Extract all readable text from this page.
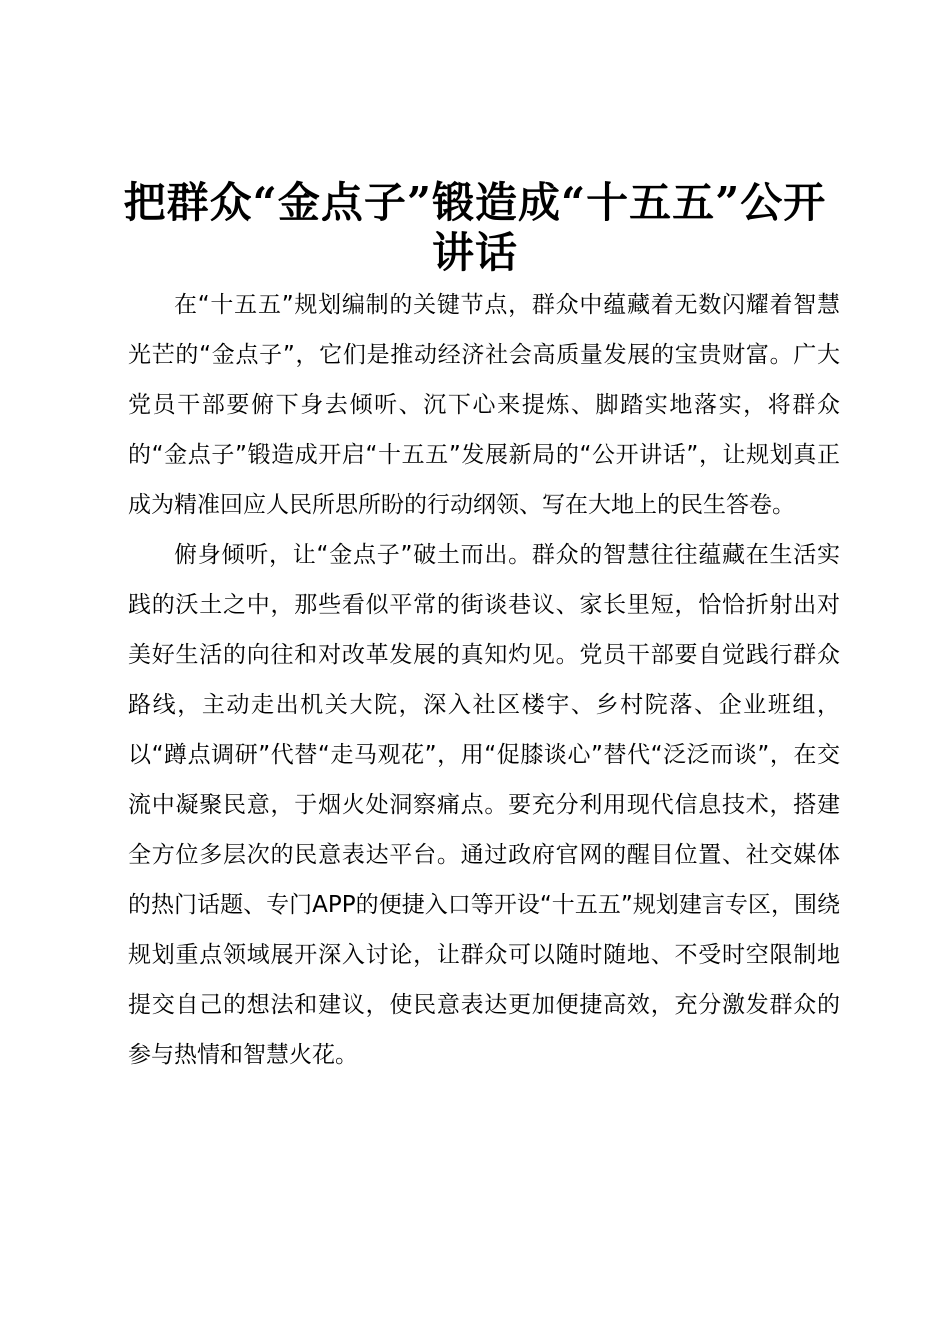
把群众“金点子”锻造成“十五五”公开讲话

在“十五五”规划编制的关键节点，群众中蕴藏着无数闪耀着智慧光芒的“金点子”，它们是推动经济社会高质量发展的宝贵财富。广大党员干部要俯下身去倾听、沉下心来提炼、脚踏实地落实，将群众的“金点子”锻造成开启“十五五”发展新局的“公开讲话”，让规划真正成为精准回应人民所思所盼的行动纲领、写在大地上的民生答卷。

俯身倾听，让“金点子”破土而出。群众的智慧往往蕴藏在生活实践的沃土之中，那些看似平常的街谈巷议、家长里短，恰恰折射出对美好生活的向往和对改革发展的真知灼见。党员干部要自觉践行群众路线，主动走出机关大院，深入社区楼宇、乡村院落、企业班组，以“蹲点调研”代替“走马观花”，用“促膝谈心”替代“泛泛而谈”，在交流中凝聚民意，于烟火处洞察痛点。要充分利用现代信息技术，搭建全方位多层次的民意表达平台。通过政府官网的醒目位置、社交媒体的热门话题、专门APP的便捷入口等开设“十五五”规划建言专区，围绕规划重点领域展开深入讨论，让群众可以随时随地、不受时空限制地提交自己的想法和建议，使民意表达更加便捷高效，充分激发群众的参与热情和智慧火花。
